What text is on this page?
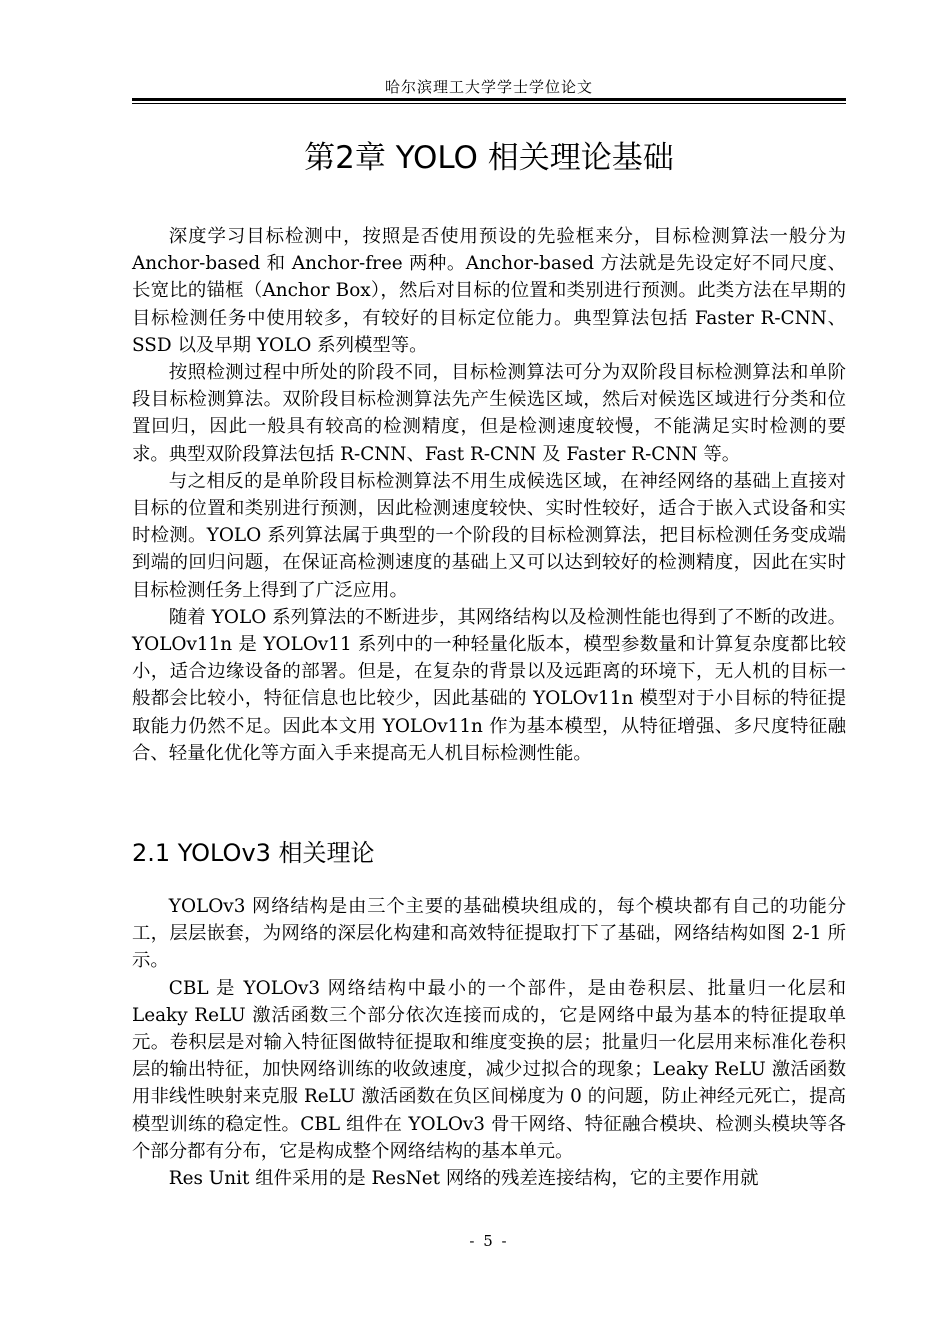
哈尔滨理工大学学士学位论文
第2章 YOLO 相关理论基础

深度学习目标检测中，按照是否使用预设的先验框来分，目标检测算法一般分为 Anchor-based 和 Anchor-free 两种。Anchor-based 方法就是先设定好不同尺度、长宽比的锚框（Anchor Box），然后对目标的位置和类别进行预测。此类方法在早期的目标检测任务中使用较多，有较好的目标定位能力。典型算法包括 Faster R-CNN、SSD 以及早期 YOLO 系列模型等。

按照检测过程中所处的阶段不同，目标检测算法可分为双阶段目标检测算法和单阶段目标检测算法。双阶段目标检测算法先产生候选区域，然后对候选区域进行分类和位置回归，因此一般具有较高的检测精度，但是检测速度较慢，不能满足实时检测的要求。典型双阶段算法包括 R-CNN、Fast R-CNN 及 Faster R-CNN 等。

与之相反的是单阶段目标检测算法不用生成候选区域，在神经网络的基础上直接对目标的位置和类别进行预测，因此检测速度较快、实时性较好，适合于嵌入式设备和实时检测。YOLO 系列算法属于典型的一个阶段的目标检测算法，把目标检测任务变成端到端的回归问题，在保证高检测速度的基础上又可以达到较好的检测精度，因此在实时目标检测任务上得到了广泛应用。

随着 YOLO 系列算法的不断进步，其网络结构以及检测性能也得到了不断的改进。YOLOv11n 是 YOLOv11 系列中的一种轻量化版本，模型参数量和计算复杂度都比较小，适合边缘设备的部署。但是，在复杂的背景以及远距离的环境下，无人机的目标一般都会比较小，特征信息也比较少，因此基础的 YOLOv11n 模型对于小目标的特征提取能力仍然不足。因此本文用 YOLOv11n 作为基本模型，从特征增强、多尺度特征融合、轻量化优化等方面入手来提高无人机目标检测性能。

2.1 YOLOv3 相关理论

YOLOv3 网络结构是由三个主要的基础模块组成的，每个模块都有自己的功能分工，层层嵌套，为网络的深层化构建和高效特征提取打下了基础，网络结构如图 2-1 所示。

CBL 是 YOLOv3 网络结构中最小的一个部件，是由卷积层、批量归一化层和 Leaky ReLU 激活函数三个部分依次连接而成的，它是网络中最为基本的特征提取单元。卷积层是对输入特征图做特征提取和维度变换的层；批量归一化层用来标准化卷积层的输出特征，加快网络训练的收敛速度，减少过拟合的现象；Leaky ReLU 激活函数用非线性映射来克服 ReLU 激活函数在负区间梯度为 0 的问题，防止神经元死亡，提高模型训练的稳定性。CBL 组件在 YOLOv3 骨干网络、特征融合模块、检测头模块等各个部分都有分布，它是构成整个网络结构的基本单元。

Res Unit 组件采用的是 ResNet 网络的残差连接结构，它的主要作用就

- 5 -
